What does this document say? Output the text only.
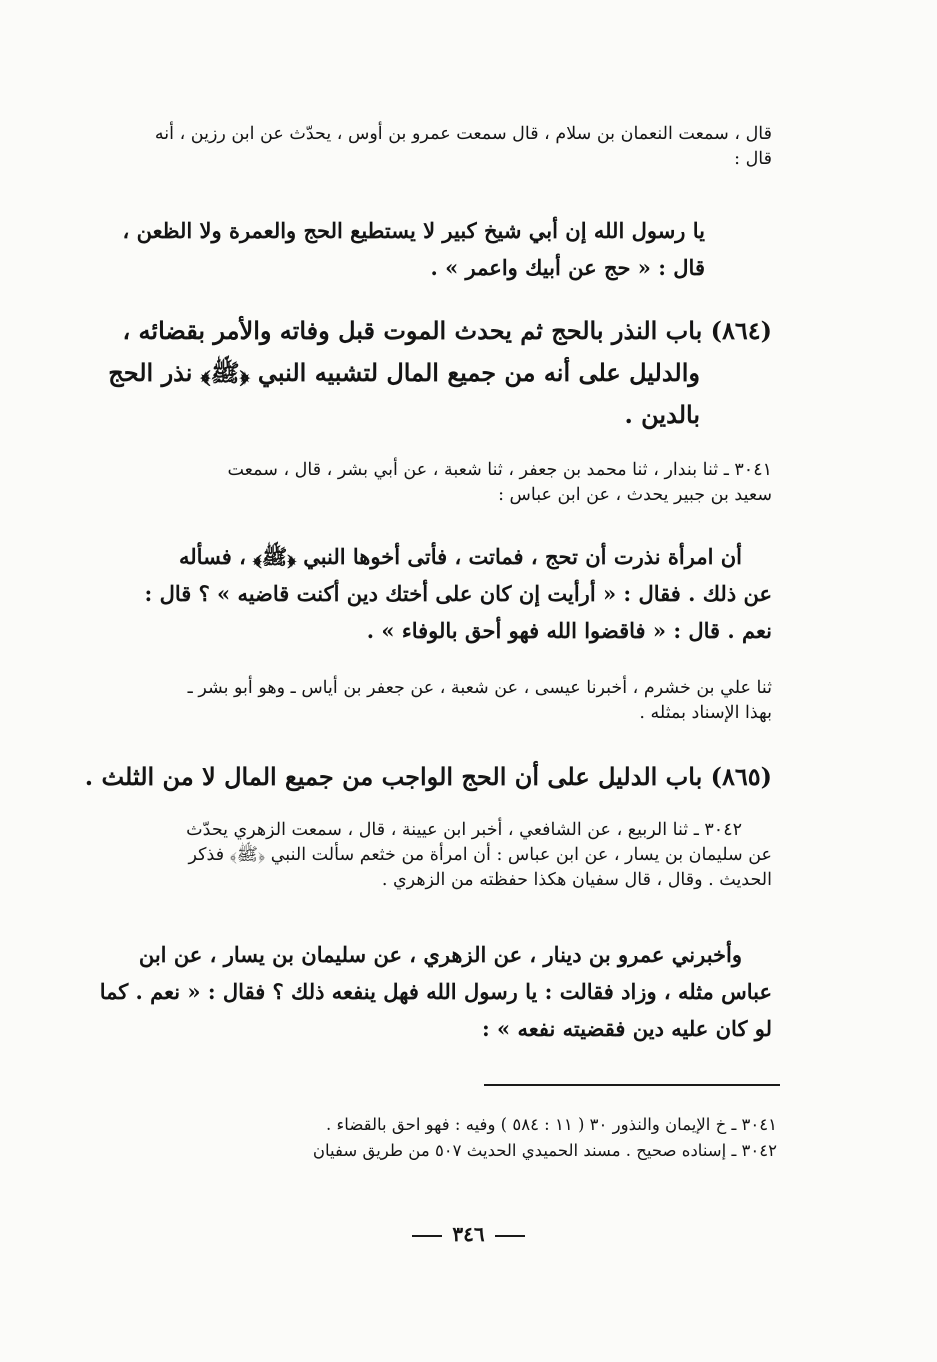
قال ، سمعت النعمان بن سلام ، قال سمعت عمرو بن أوس ، يحدّث عن ابن رزين ، أنه
قال :
يا رسول الله إن أبي شيخ كبير لا يستطيع الحج والعمرة ولا الظعن ،
قال : « حج عن أبيك واعمر » .
(٨٦٤) باب النذر بالحج ثم يحدث الموت قبل وفاته والأمر بقضائه ،
والدليل على أنه من جميع المال لتشبيه النبي ﴿ﷺ﴾ نذر الحج
بالدين .
٣٠٤١ ـ ثنا بندار ، ثنا محمد بن جعفر ، ثنا شعبة ، عن أبي بشر ، قال ، سمعت
سعيد بن جبير يحدث ، عن ابن عباس :
أن امرأة نذرت أن تحج ، فماتت ، فأتى أخوها النبي ﴿ﷺ﴾ ، فسأله
عن ذلك . فقال : « أرأيت إن كان على أختك دين أكنت قاضيه » ؟ قال :
نعم . قال : « فاقضوا الله فهو أحق بالوفاء » .
ثنا علي بن خشرم ، أخبرنا عيسى ، عن شعبة ، عن جعفر بن أياس ـ وهو أبو بشر ـ
بهذا الإسناد بمثله .
(٨٦٥) باب الدليل على أن الحج الواجب من جميع المال لا من الثلث .
٣٠٤٢ ـ ثنا الربيع ، عن الشافعي ، أخبر ابن عيينة ، قال ، سمعت الزهري يحدّث
عن سليمان بن يسار ، عن ابن عباس : أن امرأة من خثعم سألت النبي ﴿ﷺ﴾ فذكر
الحديث . وقال ، قال سفيان هكذا حفظته من الزهري .
وأخبرني عمرو بن دينار ، عن الزهري ، عن سليمان بن يسار ، عن ابن
عباس مثله ، وزاد فقالت : يا رسول الله فهل ينفعه ذلك ؟ فقال : « نعم . كما
لو كان عليه دين فقضيته نفعه » :
٣٠٤١ ـ خ الإيمان والنذور ٣٠ ( ١١ : ٥٨٤ ) وفيه : فهو احق بالقضاء .
٣٠٤٢ ـ إسناده صحيح . مسند الحميدي الحديث ٥٠٧ من طريق سفيان
٣٤٦
